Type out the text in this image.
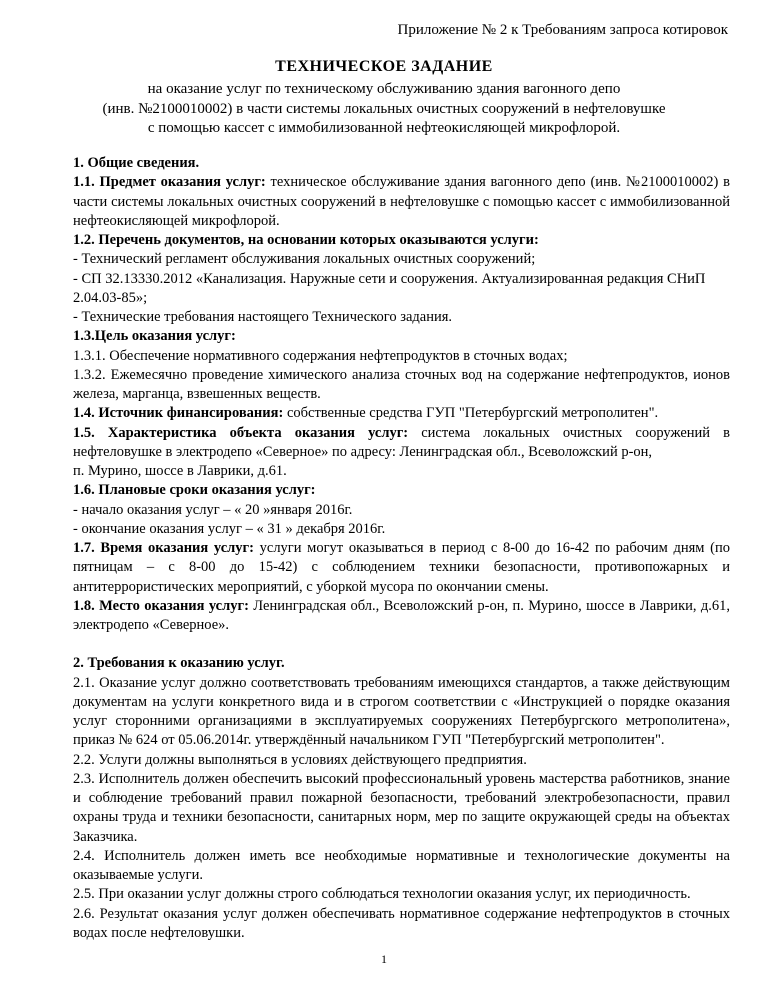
Приложение № 2 к Требованиям запроса котировок
ТЕХНИЧЕСКОЕ ЗАДАНИЕ
на оказание услуг по техническому обслуживанию здания вагонного депо
(инв. №2100010002) в части системы локальных очистных сооружений в нефтеловушке
с помощью кассет с иммобилизованной нефтеокисляющей микрофлорой.

1. Общие сведения.

1.1. Предмет оказания услуг: техническое обслуживание здания вагонного депо (инв. №2100010002) в части системы локальных очистных сооружений в нефтеловушке с помощью кассет с иммобилизованной нефтеокисляющей микрофлорой.

1.2. Перечень документов, на основании которых оказываются услуги:

- Технический регламент обслуживания локальных очистных сооружений;

- СП 32.13330.2012 «Канализация. Наружные сети и сооружения. Актуализированная редакция СНиП 2.04.03-85»;

- Технические требования настоящего Технического задания.

1.3.Цель оказания услуг:

1.3.1. Обеспечение нормативного содержания нефтепродуктов в сточных водах;

1.3.2. Ежемесячно проведение химического анализа сточных вод на содержание нефтепродуктов, ионов железа, марганца, взвешенных веществ.

1.4. Источник финансирования: собственные средства ГУП "Петербургский метрополитен".

1.5. Характеристика объекта оказания услуг: система локальных очистных сооружений в нефтеловушке в электродепо «Северное» по адресу: Ленинградская обл., Всеволожский р-он,

п. Мурино, шоссе в Лаврики, д.61.

1.6. Плановые сроки оказания услуг:

- начало оказания услуг – « 20 »января 2016г.

- окончание оказания услуг – « 31 » декабря 2016г.

1.7. Время оказания услуг: услуги могут оказываться в период с 8-00 до 16-42 по рабочим дням (по пятницам – с 8-00 до 15-42) с соблюдением техники безопасности, противопожарных и антитеррористических мероприятий, с уборкой мусора по окончании смены.

1.8. Место оказания услуг: Ленинградская обл., Всеволожский р-он, п. Мурино, шоссе в Лаврики, д.61, электродепо «Северное».

2. Требования к оказанию услуг.

2.1. Оказание услуг должно соответствовать требованиям имеющихся стандартов, а также действующим документам на услуги конкретного вида и в строгом соответствии с «Инструкцией о порядке оказания услуг сторонними организациями в эксплуатируемых сооружениях Петербургского метрополитена», приказ № 624 от 05.06.2014г. утверждённый начальником ГУП "Петербургский метрополитен".

2.2. Услуги должны выполняться в условиях действующего предприятия.

2.3. Исполнитель должен обеспечить высокий профессиональный уровень мастерства работников, знание и соблюдение требований правил пожарной безопасности, требований электробезопасности, правил охраны труда и техники безопасности, санитарных норм, мер по защите окружающей среды на объектах Заказчика.

2.4. Исполнитель должен иметь все необходимые нормативные и технологические документы на оказываемые услуги.

2.5. При оказании услуг должны строго соблюдаться технологии оказания услуг, их периодичность.

2.6. Результат оказания услуг должен обеспечивать нормативное содержание нефтепродуктов в сточных водах после нефтеловушки.

1
